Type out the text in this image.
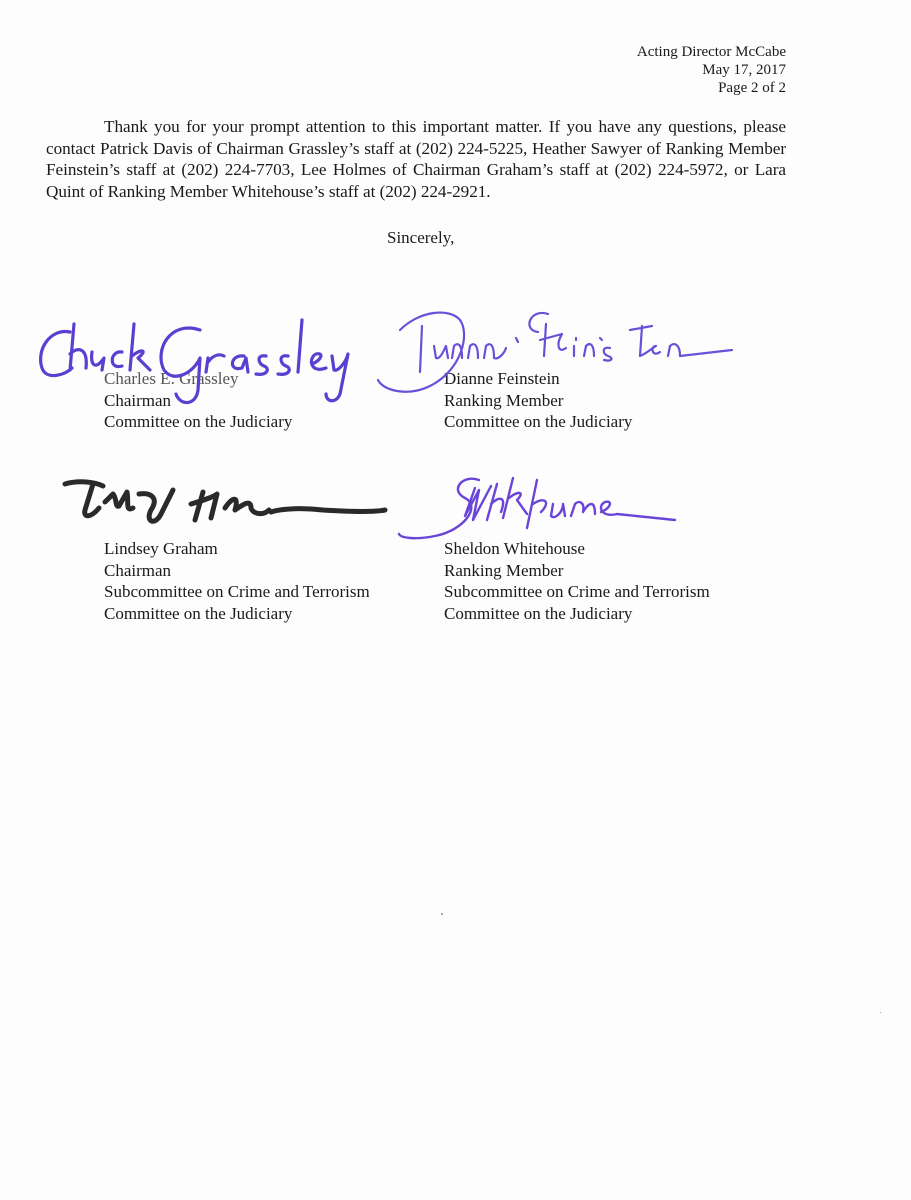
Acting Director McCabe
May 17, 2017
Page 2 of 2
Thank you for your prompt attention to this important matter. If you have any questions, please contact Patrick Davis of Chairman Grassley’s staff at (202) 224-5225, Heather Sawyer of Ranking Member Feinstein’s staff at (202) 224-7703, Lee Holmes of Chairman Graham’s staff at (202) 224-5972, or Lara Quint of Ranking Member Whitehouse’s staff at (202) 224-2921.
Sincerely,
Charles E. Grassley
Chairman
Committee on the Judiciary
Dianne Feinstein
Ranking Member
Committee on the Judiciary
Lindsey Graham
Chairman
Subcommittee on Crime and Terrorism
Committee on the Judiciary
Sheldon Whitehouse
Ranking Member
Subcommittee on Crime and Terrorism
Committee on the Judiciary
